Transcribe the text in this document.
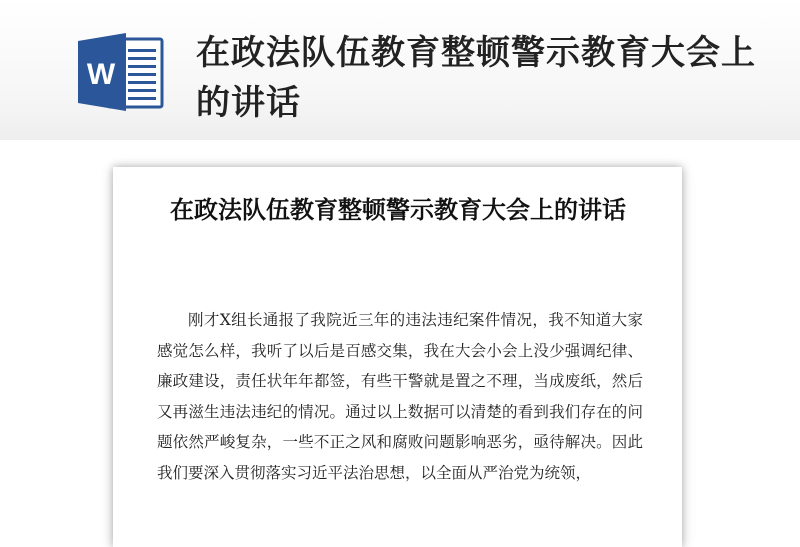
W
在政法队伍教育整顿警示教育大会上的讲话
在政法队伍教育整顿警示教育大会上的讲话

刚才X组长通报了我院近三年的违法违纪案件情况，我不知道大家感觉怎么样，我听了以后是百感交集，我在大会小会上没少强调纪律、廉政建设，责任状年年都签，有些干警就是置之不理，当成废纸，然后又再滋生违法违纪的情况。通过以上数据可以清楚的看到我们存在的问题依然严峻复杂，一些不正之风和腐败问题影响恶劣，亟待解决。因此我们要深入贯彻落实习近平法治思想，以全面从严治党为统领，
